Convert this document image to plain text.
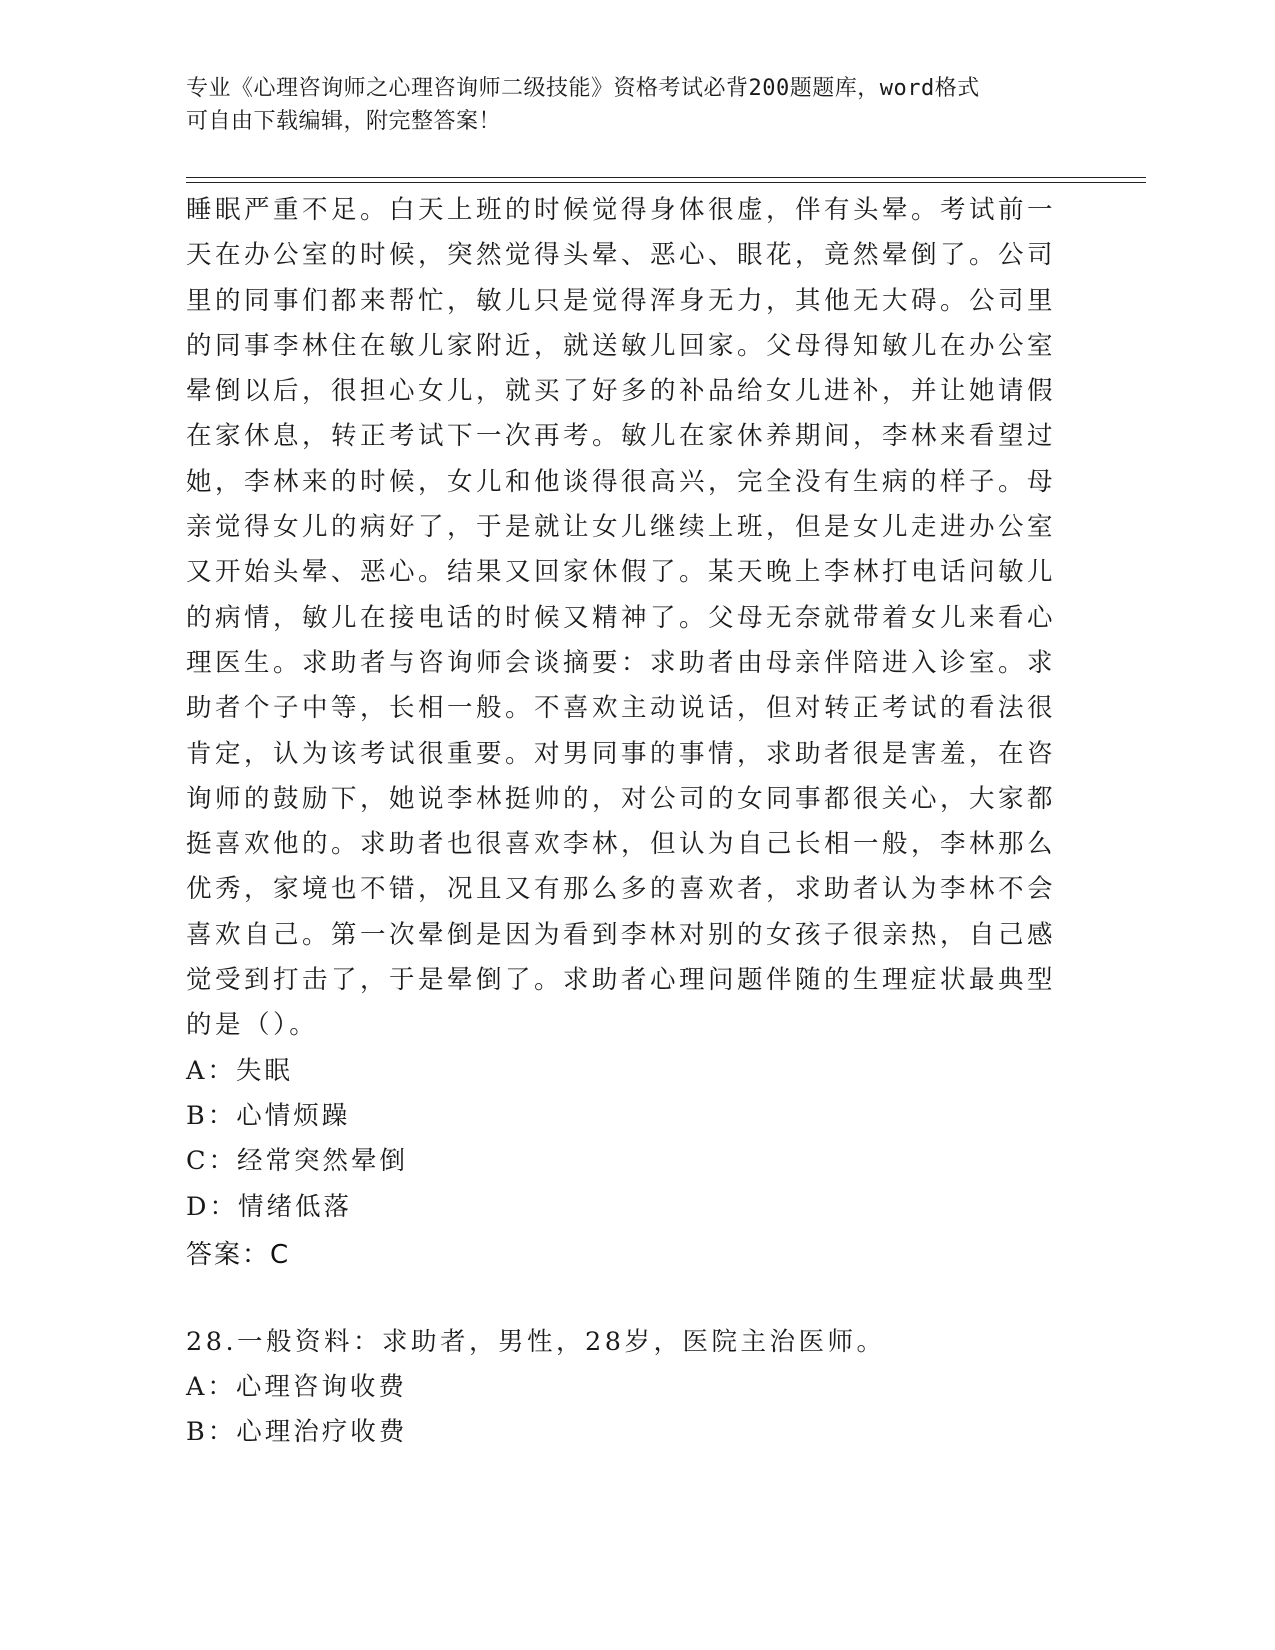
专业《心理咨询师之心理咨询师二级技能》资格考试必背200题题库，word格式
可自由下载编辑，附完整答案！

睡眠严重不足。白天上班的时候觉得身体很虚，伴有头晕。考试前一天在办公室的时候，突然觉得头晕、恶心、眼花，竟然晕倒了。公司里的同事们都来帮忙，敏儿只是觉得浑身无力，其他无大碍。公司里的同事李林住在敏儿家附近，就送敏儿回家。父母得知敏儿在办公室晕倒以后，很担心女儿，就买了好多的补品给女儿进补，并让她请假在家休息，转正考试下一次再考。敏儿在家休养期间，李林来看望过她，李林来的时候，女儿和他谈得很高兴，完全没有生病的样子。母亲觉得女儿的病好了，于是就让女儿继续上班，但是女儿走进办公室又开始头晕、恶心。结果又回家休假了。某天晚上李林打电话问敏儿的病情，敏儿在接电话的时候又精神了。父母无奈就带着女儿来看心理医生。求助者与咨询师会谈摘要：求助者由母亲伴陪进入诊室。求助者个子中等，长相一般。不喜欢主动说话，但对转正考试的看法很肯定，认为该考试很重要。对男同事的事情，求助者很是害羞，在咨询师的鼓励下，她说李林挺帅的，对公司的女同事都很关心，大家都挺喜欢他的。求助者也很喜欢李林，但认为自己长相一般，李林那么优秀，家境也不错，况且又有那么多的喜欢者，求助者认为李林不会喜欢自己。第一次晕倒是因为看到李林对别的女孩子很亲热，自己感觉受到打击了，于是晕倒了。求助者心理问题伴随的生理症状最典型的是（）。

A：失眠
B：心情烦躁
C：经常突然晕倒
D：情绪低落
答案：C

28.一般资料：求助者，男性，28岁，医院主治医师。

A：心理咨询收费
B：心理治疗收费
